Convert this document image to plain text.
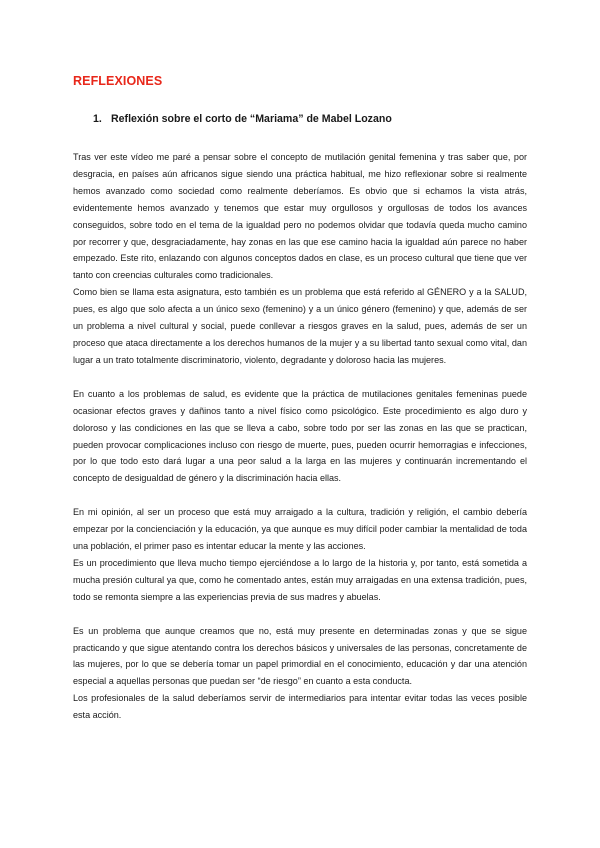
REFLEXIONES
1. Reflexión sobre el corto de “Mariama” de Mabel Lozano

Tras ver este vídeo me paré a pensar sobre el concepto de mutilación genital femenina y tras saber que, por desgracia, en países aún africanos sigue siendo una práctica habitual, me hizo reflexionar sobre si realmente hemos avanzado como sociedad como realmente deberíamos. Es obvio que si echamos la vista atrás, evidentemente hemos avanzado y tenemos que estar muy orgullosos y orgullosas de todos los avances conseguidos, sobre todo en el tema de la igualdad pero no podemos olvidar que todavía queda mucho camino por recorrer y que, desgraciadamente, hay zonas en las que ese camino hacia la igualdad aún parece no haber empezado. Este rito, enlazando con algunos conceptos dados en clase, es un proceso cultural que tiene que ver tanto con creencias culturales como tradicionales.

Como bien se llama esta asignatura, esto también es un problema que está referido al GÉNERO y a la SALUD, pues, es algo que solo afecta a un único sexo (femenino) y a un único género (femenino) y que, además de ser un problema a nivel cultural y social, puede conllevar a riesgos graves en la salud, pues, además de ser un proceso que ataca directamente a los derechos humanos de la mujer y a su libertad tanto sexual como vital, dan lugar a un trato totalmente discriminatorio, violento, degradante y doloroso hacia las mujeres.

En cuanto a los problemas de salud, es evidente que la práctica de mutilaciones genitales femeninas puede ocasionar efectos graves y dañinos tanto a nivel físico como psicológico. Este procedimiento es algo duro y doloroso y las condiciones en las que se lleva a cabo, sobre todo por ser las zonas en las que se practican, pueden provocar complicaciones incluso con riesgo de muerte, pues, pueden ocurrir hemorragias e infecciones, por lo que todo esto dará lugar a una peor salud a la larga en las mujeres y continuarán incrementando el concepto de desigualdad de género y la discriminación hacia ellas.

En mi opinión, al ser un proceso que está muy arraigado a la cultura, tradición y religión, el cambio debería empezar por la concienciación y la educación, ya que aunque es muy difícil poder cambiar la mentalidad de toda una población, el primer paso es intentar educar la mente y las acciones.

Es un procedimiento que lleva mucho tiempo ejerciéndose a lo largo de la historia y, por tanto, está sometida a mucha presión cultural ya que, como he comentado antes, están muy arraigadas en una extensa tradición, pues, todo se remonta siempre a las experiencias previa de sus madres y abuelas.

Es un problema que aunque creamos que no, está muy presente en determinadas zonas y que se sigue practicando y que sigue atentando contra los derechos básicos y universales de las personas, concretamente de las mujeres, por lo que se debería tomar un papel primordial en el conocimiento, educación y dar una atención especial a aquellas personas que puedan ser “de riesgo” en cuanto a esta conducta.

Los profesionales de la salud deberíamos servir de intermediarios para intentar evitar todas las veces posible esta acción.
